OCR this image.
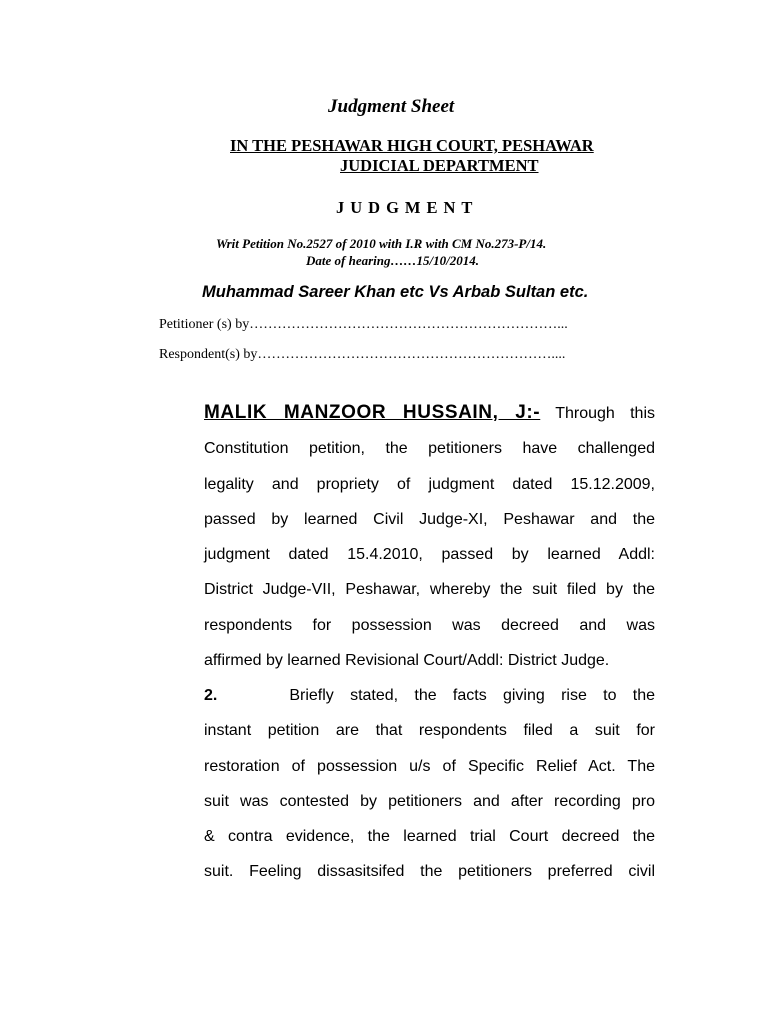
Judgment Sheet
IN THE PESHAWAR HIGH COURT, PESHAWAR
JUDICIAL DEPARTMENT
JUDGMENT
Writ Petition No.2527 of 2010 with I.R with CM No.273-P/14.
Date of hearing……15/10/2014.
Muhammad Sareer Khan etc Vs Arbab Sultan etc.
Petitioner (s) by…………………………………………………………...
Respondent(s) by………………………………………………………....
MALIK MANZOOR HUSSAIN, J:- Through this
Constitution petition, the petitioners have challenged
legality and propriety of judgment dated 15.12.2009,
passed by learned Civil Judge-XI, Peshawar and the
judgment dated 15.4.2010, passed by learned Addl:
District Judge-VII, Peshawar, whereby the suit filed by the
respondents for possession was decreed and was
affirmed by learned Revisional Court/Addl: District Judge.
2.	Briefly stated, the facts giving rise to the
instant petition are that respondents filed a suit for
restoration of possession u/s of Specific Relief Act. The
suit was contested by petitioners and after recording pro
& contra evidence, the learned trial Court decreed the
suit. Feeling dissasitsifed the petitioners preferred civil
